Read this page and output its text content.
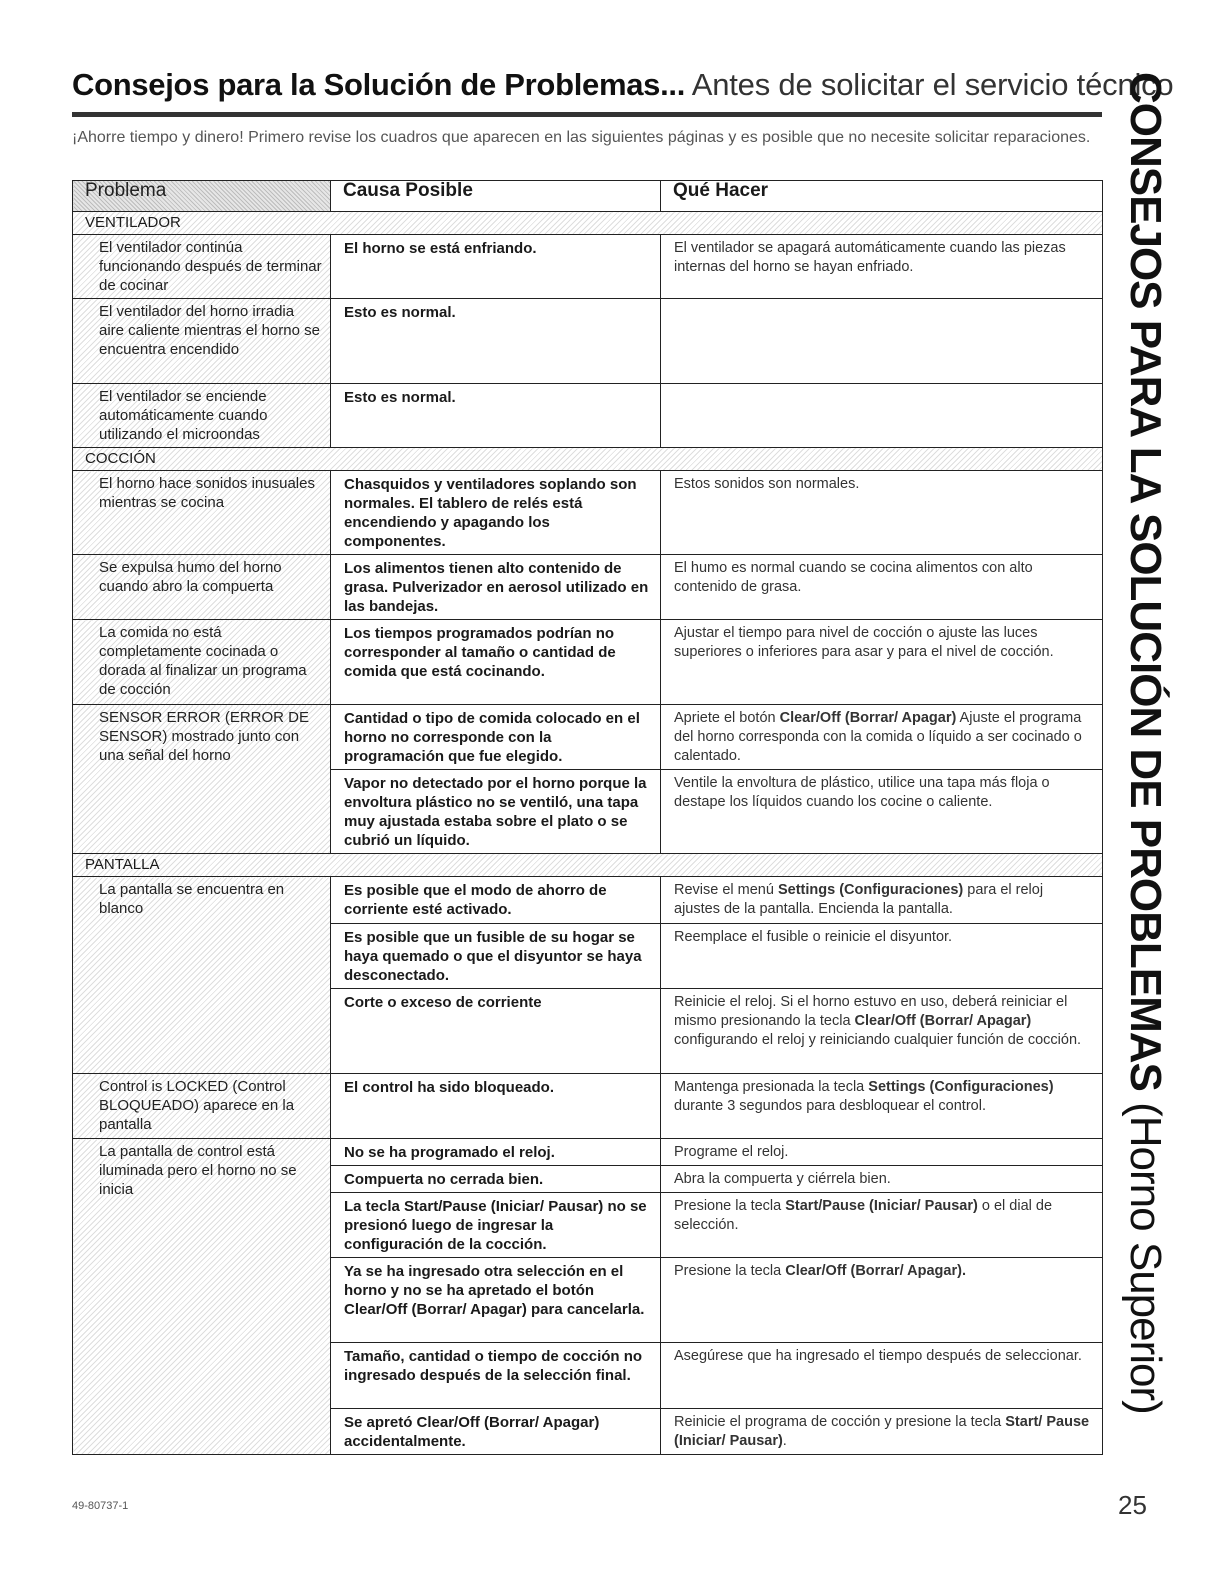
Consejos para la Solución de Problemas... Antes de solicitar el servicio técnico
¡Ahorre tiempo y dinero! Primero revise los cuadros que aparecen en las siguientes páginas y es posible que no necesite solicitar reparaciones. CONSEJOS PARA LA SOLUCIÓN DE PROBLEMAS (Horno Superior)
Problema	Causa Posible	Qué Hacer
VENTILADOR		
El ventilador continúa funcionando después de terminar de cocinar	El horno se está enfriando.	El ventilador se apagará automáticamente cuando las piezas internas del horno se hayan enfriado.
El ventilador del horno irradia aire caliente mientras el horno se encuentra encendido	Esto es normal.	
El ventilador se enciende automáticamente cuando utilizando el microondas	Esto es normal.	
COCCIÓN		
El horno hace sonidos inusuales mientras se cocina	Chasquidos y ventiladores soplando son normales. El tablero de relés está encendiendo y apagando los componentes.	Estos sonidos son normales.
Se expulsa humo del horno cuando abro la compuerta	Los alimentos tienen alto contenido de grasa. Pulverizador en aerosol utilizado en las bandejas.	El humo es normal cuando se cocina alimentos con alto contenido de grasa.
La comida no está completamente cocinada o dorada al finalizar un programa de cocción	Los tiempos programados podrían no corresponder al tamaño o cantidad de comida que está cocinando.	Ajustar el tiempo para nivel de cocción o ajuste las luces superiores o inferiores para asar y para el nivel de cocción.
SENSOR ERROR (ERROR DE SENSOR) mostrado junto con una señal del horno	Cantidad o tipo de comida colocado en el horno no corresponde con la programación que fue elegido.	Apriete el botón Clear/Off (Borrar/ Apagar) Ajuste el programa del horno corresponda con la comida o líquido a ser cocinado o calentado.
	Vapor no detectado por el horno porque la envoltura plástico no se ventiló, una tapa muy ajustada estaba sobre el plato o se cubrió un líquido.	Ventile la envoltura de plástico, utilice una tapa más floja o destape los líquidos cuando los cocine o caliente.
PANTALLA		
La pantalla se encuentra en blanco	Es posible que el modo de ahorro de corriente esté activado.	Revise el menú Settings (Configuraciones) para el reloj ajustes de la pantalla. Encienda la pantalla.
	Es posible que un fusible de su hogar se haya quemado o que el disyuntor se haya desconectado.	Reemplace el fusible o reinicie el disyuntor.
	Corte o exceso de corriente	Reinicie el reloj. Si el horno estuvo en uso, deberá reiniciar el mismo presionando la tecla Clear/Off (Borrar/ Apagar) configurando el reloj y reiniciando cualquier función de cocción.
Control is LOCKED (Control BLOQUEADO) aparece en la pantalla	El control ha sido bloqueado.	Mantenga presionada la tecla Settings (Configuraciones) durante 3 segundos para desbloquear el control.
La pantalla de control está iluminada pero el horno no se inicia	No se ha programado el reloj.	Programe el reloj.
	Compuerta no cerrada bien.	Abra la compuerta y ciérrela bien.
	La tecla Start/Pause (Iniciar/ Pausar) no se presionó luego de ingresar la configuración de la cocción.	Presione la tecla Start/Pause (Iniciar/ Pausar) o el dial de selección.
	Ya se ha ingresado otra selección en el horno y no se ha apretado el botón Clear/Off (Borrar/ Apagar) para cancelarla.	Presione la tecla Clear/Off (Borrar/ Apagar).
	Tamaño, cantidad o tiempo de cocción no ingresado después de la selección final.	Asegúrese que ha ingresado el tiempo después de seleccionar.
	Se apretó Clear/Off (Borrar/ Apagar) accidentalmente.	Reinicie el programa de cocción y presione la tecla Start/ Pause (Iniciar/ Pausar).
49-80737-1	25
